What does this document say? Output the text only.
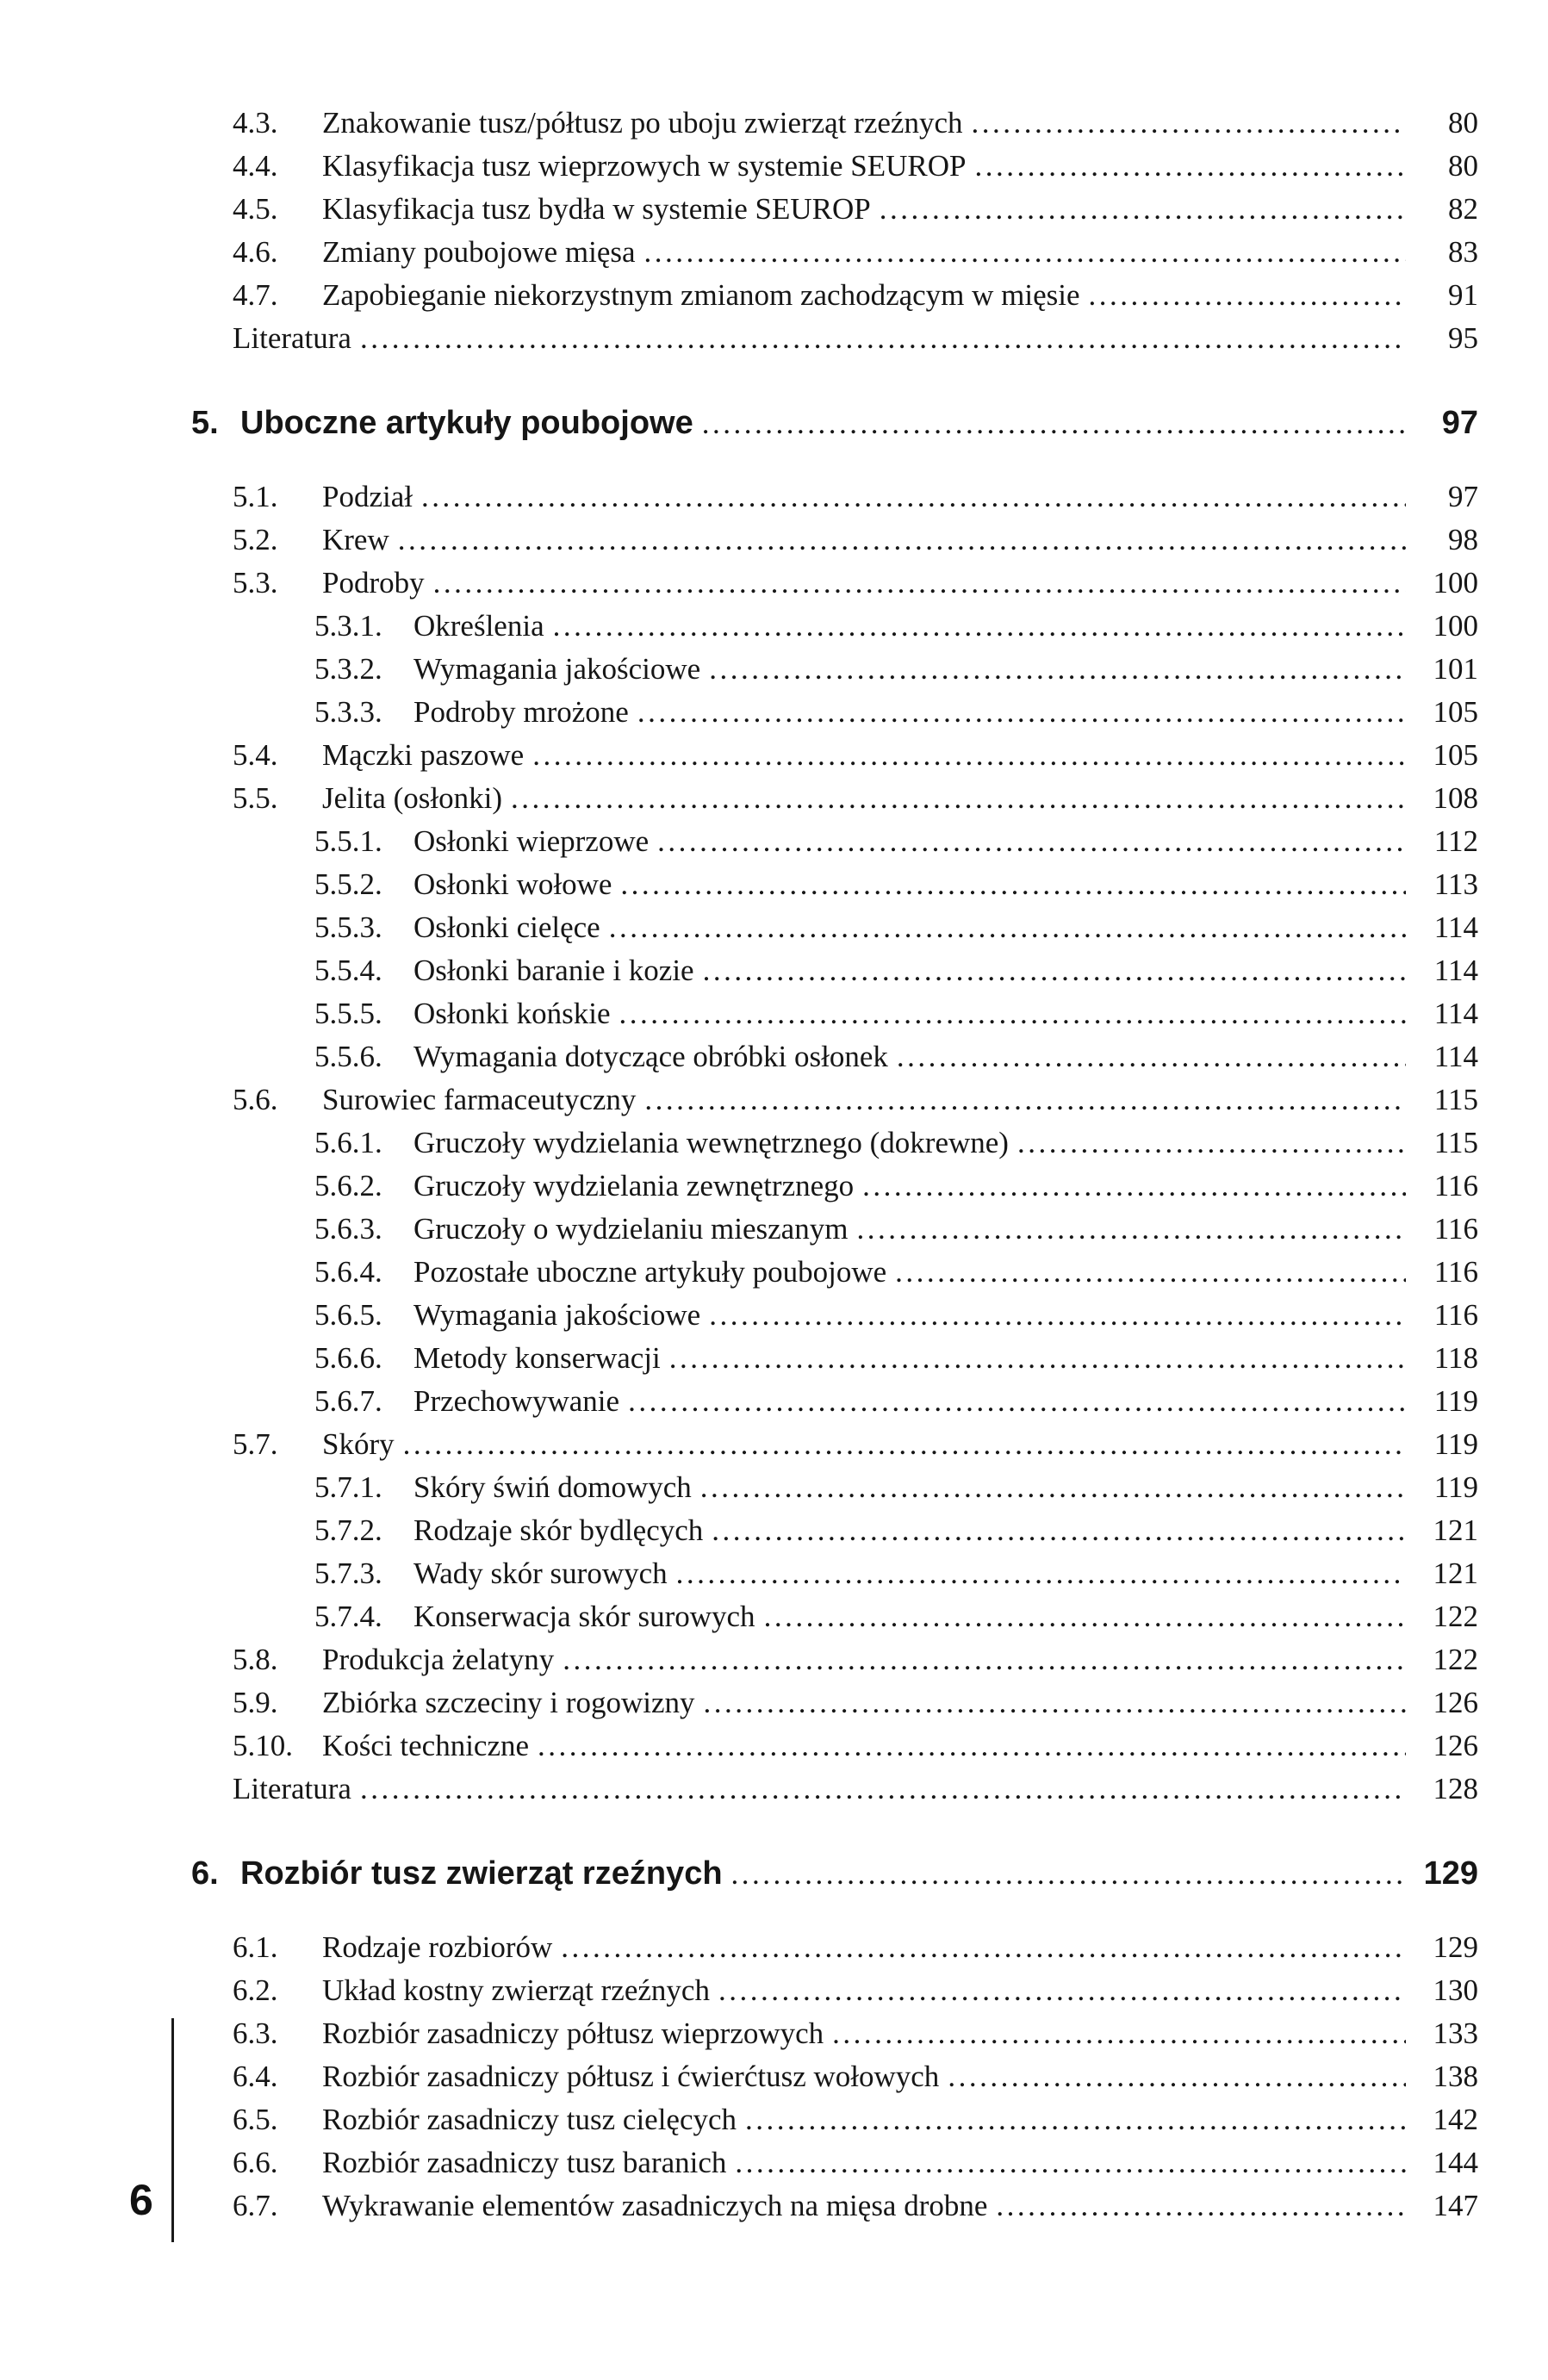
4.3.	Znakowanie tusz/półtusz po uboju zwierząt rzeźnych .....	80
4.4.	Klasyfikacja tusz wieprzowych w systemie SEUROP .....	80
4.5.	Klasyfikacja tusz bydła w systemie SEUROP .....	82
4.6.	Zmiany poubojowe mięsa .....	83
4.7.	Zapobieganie niekorzystnym zmianom zachodzącym w mięsie .....	91
Literatura .....	95
5. Uboczne artykuły poubojowe .....	97
5.1.	Podział .....	97
5.2.	Krew .....	98
5.3.	Podroby .....	100
5.3.1.	Określenia .....	100
5.3.2.	Wymagania jakościowe .....	101
5.3.3.	Podroby mrożone .....	105
5.4.	Mączki paszowe .....	105
5.5.	Jelita (osłonki) .....	108
5.5.1.	Osłonki wieprzowe .....	112
5.5.2.	Osłonki wołowe .....	113
5.5.3.	Osłonki cielęce .....	114
5.5.4.	Osłonki baranie i kozie .....	114
5.5.5.	Osłonki końskie .....	114
5.5.6.	Wymagania dotyczące obróbki osłonek .....	114
5.6.	Surowiec farmaceutyczny .....	115
5.6.1.	Gruczoły wydzielania wewnętrznego (dokrewne) .....	115
5.6.2.	Gruczoły wydzielania zewnętrznego .....	116
5.6.3.	Gruczoły o wydzielaniu mieszanym .....	116
5.6.4.	Pozostałe uboczne artykuły poubojowe .....	116
5.6.5.	Wymagania jakościowe .....	116
5.6.6.	Metody konserwacji .....	118
5.6.7.	Przechowywanie .....	119
5.7.	Skóry .....	119
5.7.1.	Skóry świń domowych .....	119
5.7.2.	Rodzaje skór bydlęcych .....	121
5.7.3.	Wady skór surowych .....	121
5.7.4.	Konserwacja skór surowych .....	122
5.8.	Produkcja żelatyny .....	122
5.9.	Zbiórka szczeciny i rogowizny .....	126
5.10. Kości techniczne .....	126
Literatura .....	128
6. Rozbiór tusz zwierząt rzeźnych .....	129
6.1.	Rodzaje rozbiorów .....	129
6.2.	Układ kostny zwierząt rzeźnych .....	130
6.3.	Rozbiór zasadniczy półtusz wieprzowych .....	133
6.4.	Rozbiór zasadniczy półtusz i ćwierćtusz wołowych .....	138
6.5.	Rozbiór zasadniczy tusz cielęcych .....	142
6.6.	Rozbiór zasadniczy tusz baranich .....	144
6.7.	Wykrawanie elementów zasadniczych na mięsa drobne .....	147
6
